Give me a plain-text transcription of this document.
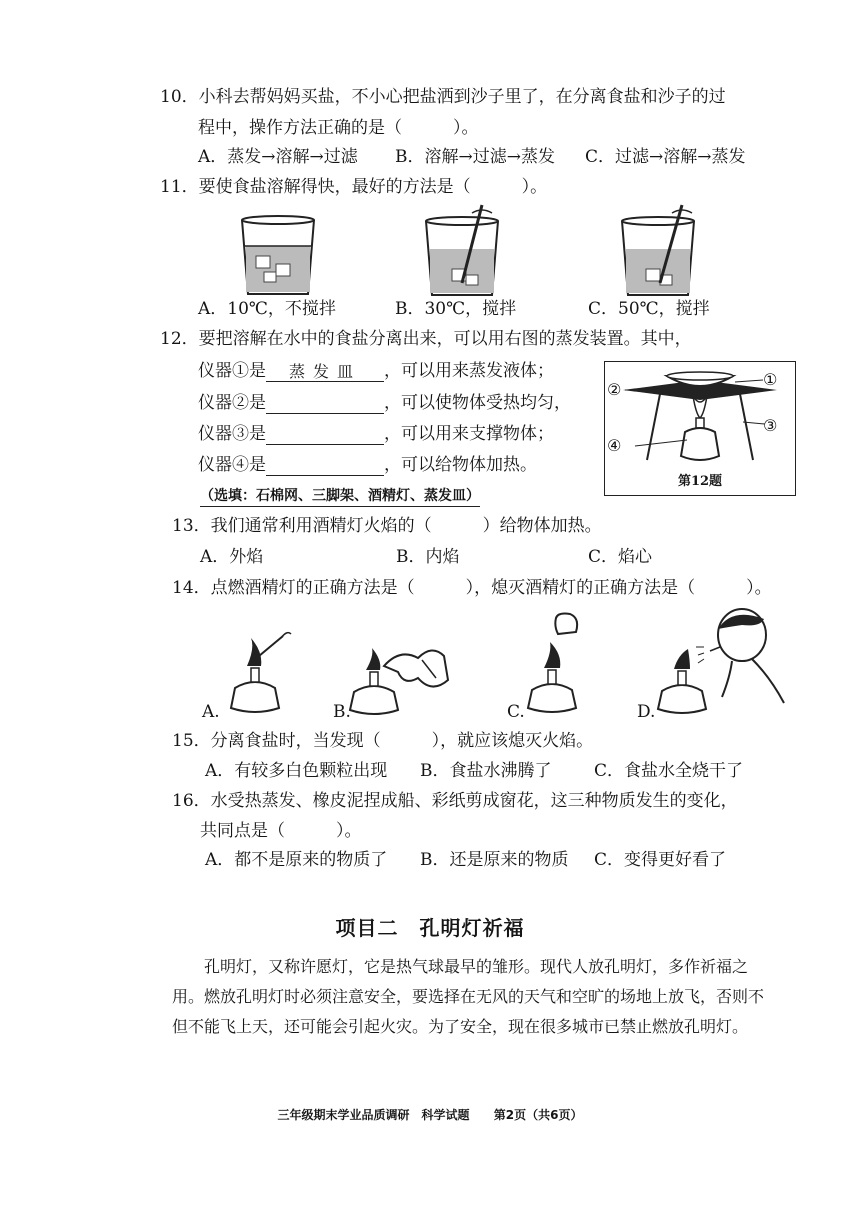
10．小科去帮妈妈买盐，不小心把盐洒到沙子里了，在分离食盐和沙子的过
程中，操作方法正确的是（　　　）。
A．蒸发→溶解→过滤 B．溶解→过滤→蒸发 C．过滤→溶解→蒸发
11．要使食盐溶解得快，最好的方法是（　　　）。
A．10℃，不搅拌	B．30℃，搅拌	C．50℃，搅拌
12．要把溶解在水中的食盐分离出来，可以用右图的蒸发装置。其中，
仪器①是 蒸发皿 ，可以用来蒸发液体；
仪器②是	，可以使物体受热均匀，
仪器③是	，可以用来支撑物体；
仪器④是	，可以给物体加热。
（选填：石棉网、三脚架、酒精灯、蒸发皿）
①
②
③
④
第12题
13．我们通常利用酒精灯火焰的（　　　）给物体加热。
A．外焰	B．内焰	C．焰心
14．点燃酒精灯的正确方法是（　　　），熄灭酒精灯的正确方法是（　　　）。
A.	B.	C.	D.
15．分离食盐时，当发现（　　　），就应该熄灭火焰。
A．有较多白色颗粒出现 B．食盐水沸腾了	C．食盐水全烧干了
16．水受热蒸发、橡皮泥捏成船、彩纸剪成窗花，这三种物质发生的变化，
共同点是（　　　）。
A．都不是原来的物质了 B．还是原来的物质 C．变得更好看了
项目二　孔明灯祈福

孔明灯，又称许愿灯，它是热气球最早的雏形。现代人放孔明灯，多作祈福之用。燃放孔明灯时必须注意安全，要选择在无风的天气和空旷的场地上放飞，否则不但不能飞上天，还可能会引起火灾。为了安全，现在很多城市已禁止燃放孔明灯。

三年级期末学业品质调研　科学试题 第2页（共6页）
